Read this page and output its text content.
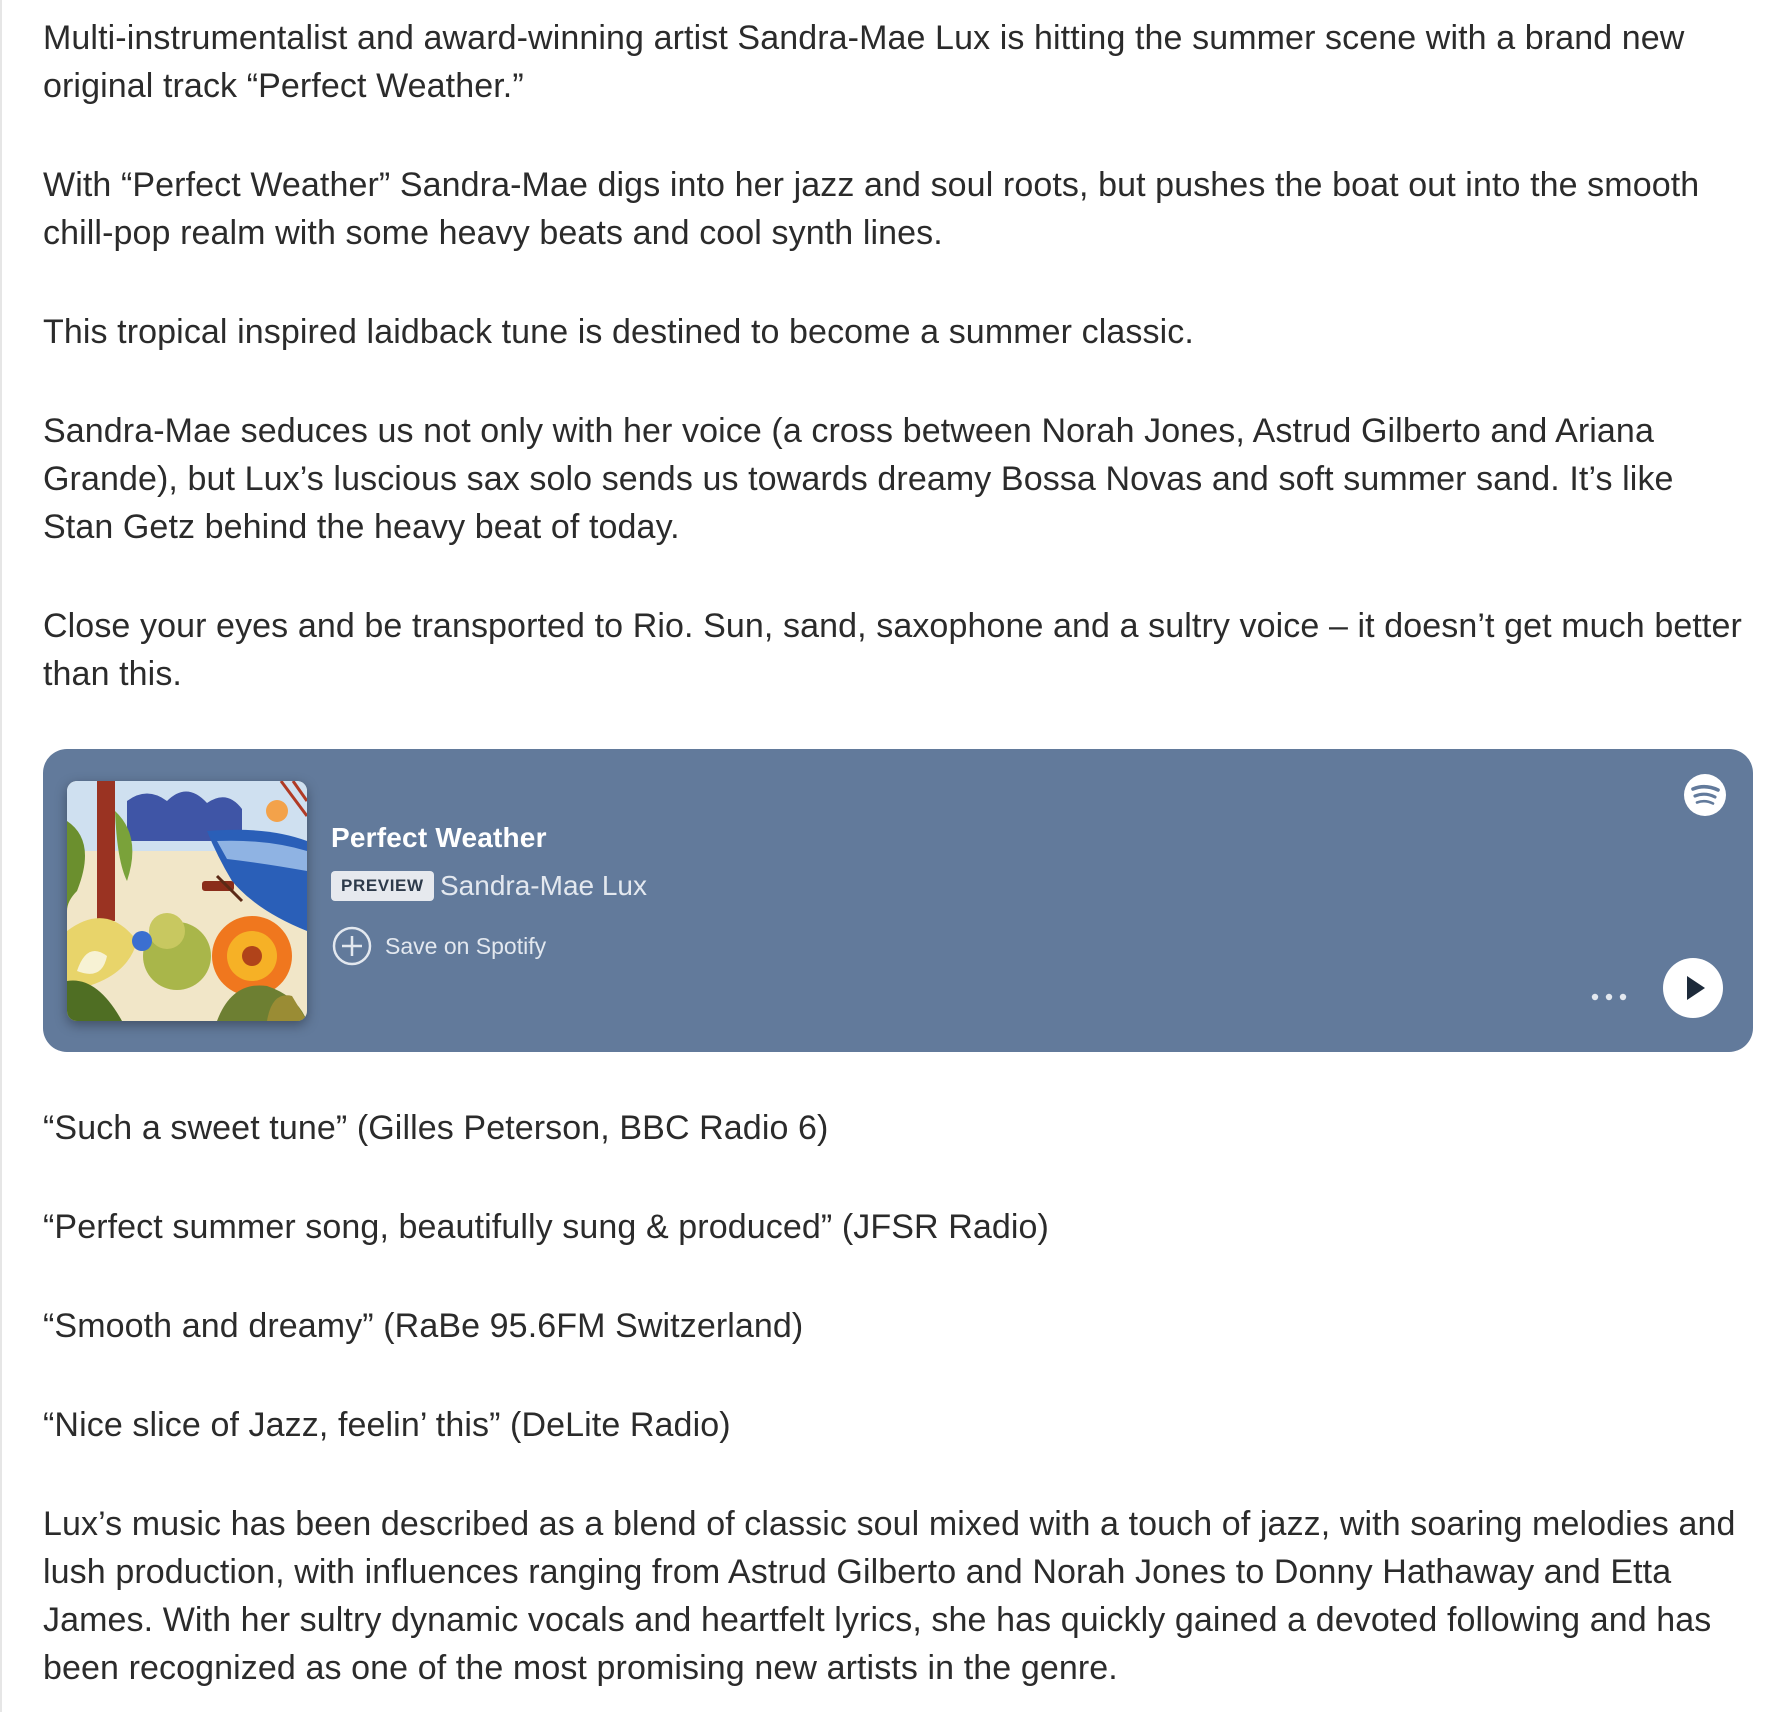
Multi-instrumentalist and award-winning artist Sandra-Mae Lux is hitting the summer scene with a brand new original track “Perfect Weather.”

With “Perfect Weather” Sandra-Mae digs into her jazz and soul roots, but pushes the boat out into the smooth chill-pop realm with some heavy beats and cool synth lines.

This tropical inspired laidback tune is destined to become a summer classic.

Sandra-Mae seduces us not only with her voice (a cross between Norah Jones, Astrud Gilberto and Ariana Grande), but Lux’s luscious sax solo sends us towards dreamy Bossa Novas and soft summer sand. It’s like Stan Getz behind the heavy beat of today.

Close your eyes and be transported to Rio. Sun, sand, saxophone and a sultry voice – it doesn’t get much better than this.

Perfect Weather
PREVIEW Sandra-Mae Lux
Save on Spotify

“Such a sweet tune” (Gilles Peterson, BBC Radio 6)

“Perfect summer song, beautifully sung & produced” (JFSR Radio)

“Smooth and dreamy” (RaBe 95.6FM Switzerland)

“Nice slice of Jazz, feelin’ this” (DeLite Radio)

Lux’s music has been described as a blend of classic soul mixed with a touch of jazz, with soaring melodies and lush production, with influences ranging from Astrud Gilberto and Norah Jones to Donny Hathaway and Etta James. With her sultry dynamic vocals and heartfelt lyrics, she has quickly gained a devoted following and has been recognized as one of the most promising new artists in the genre.
